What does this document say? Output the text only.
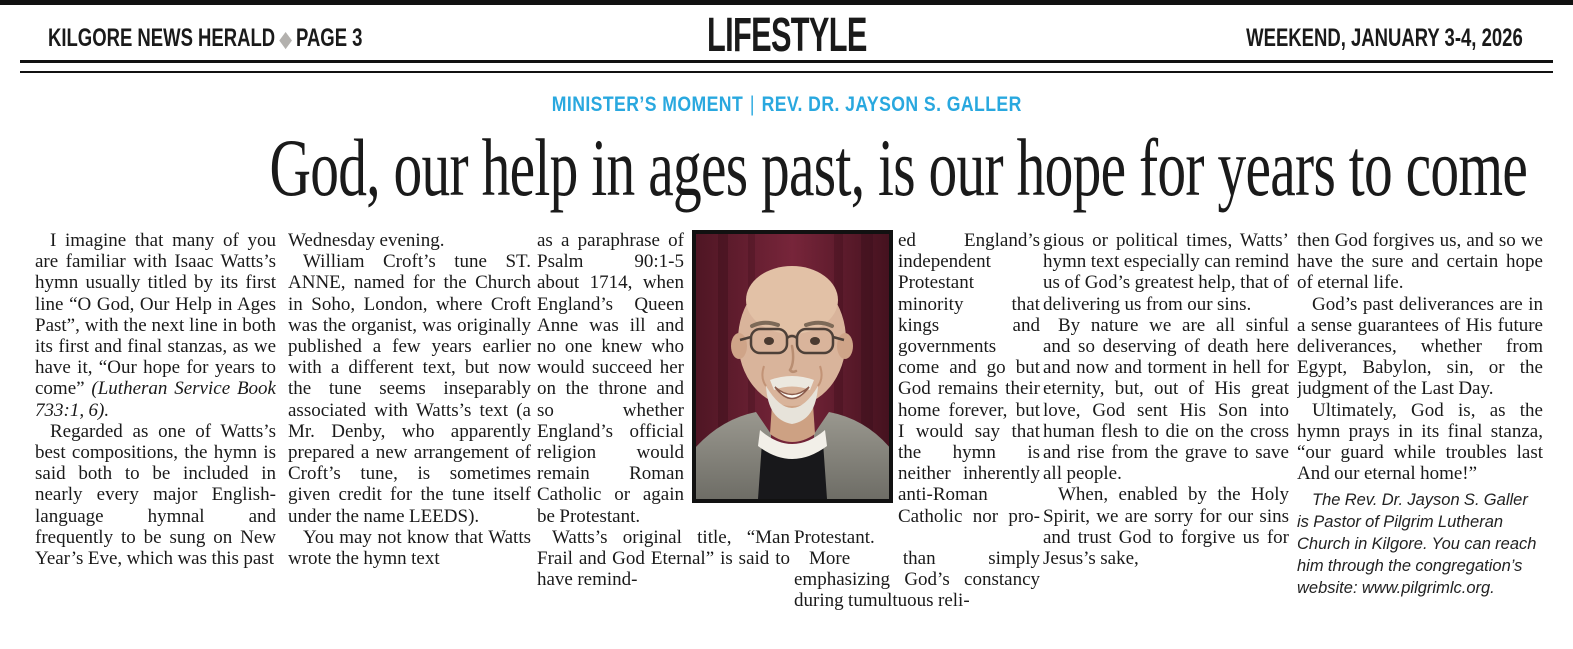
KILGORE NEWS HERALD ◆ PAGE 3	LIFESTYLE	WEEKEND, JANUARY 3-4, 2026
MINISTER’S MOMENT | REV. DR. JAYSON S. GALLER
God, our help in ages past, is our hope for years to come

I imagine that many of you are familiar with Isaac Watts’s hymn usually titled by its first line “O God, Our Help in Ages Past”, with the next line in both its first and final stanzas, as we have it, “Our hope for years to come” (Lutheran Service Book 733:1, 6).

Regarded as one of Watts’s best compositions, the hymn is said both to be included in nearly every major English-language hymnal and frequently to be sung on New Year’s Eve, which was this past

Wednesday evening.

William Croft’s tune ST. ANNE, named for the Church in Soho, London, where Croft was the organist, was originally published a few years earlier with a different text, but now the tune seems inseparably associated with Watts’s text (a Mr. Denby, who apparently prepared a new arrangement of Croft’s tune, is sometimes given credit for the tune itself under the name LEEDS).

You may not know that Watts wrote the hymn text

as a paraphrase of Psalm 90:1-5 about 1714, when England’s Queen Anne was ill and no one knew who would succeed her on the throne and so whether England’s official religion would remain Roman Catholic or again be Protestant.

Watts’s original title, “Man Frail and God Eternal” is said to have remind-

ed England’s independent Protestant minority that kings and governments come and go but God remains their home forever, but I would say that the hymn is neither inherently anti-Roman Catholic nor pro-Protestant.

More than simply emphasizing God’s constancy during tumultuous reli-

gious or political times, Watts’ hymn text especially can remind us of God’s greatest help, that of delivering us from our sins.

By nature we are all sinful and so deserving of death here and now and torment in hell for eternity, but, out of His great love, God sent His Son into human flesh to die on the cross and rise from the grave to save all people.

When, enabled by the Holy Spirit, we are sorry for our sins and trust God to forgive us for Jesus’s sake,

then God forgives us, and so we have the sure and certain hope of eternal life.

God’s past deliverances are in a sense guarantees of His future deliverances, whether from Egypt, Babylon, sin, or the judgment of the Last Day.

Ultimately, God is, as the hymn prays in its final stanza, “our guard while troubles last And our eternal home!”

The Rev. Dr. Jayson S. Galler is Pastor of Pilgrim Lutheran Church in Kilgore. You can reach him through the congregation’s website: www.pilgrimlc.org.
